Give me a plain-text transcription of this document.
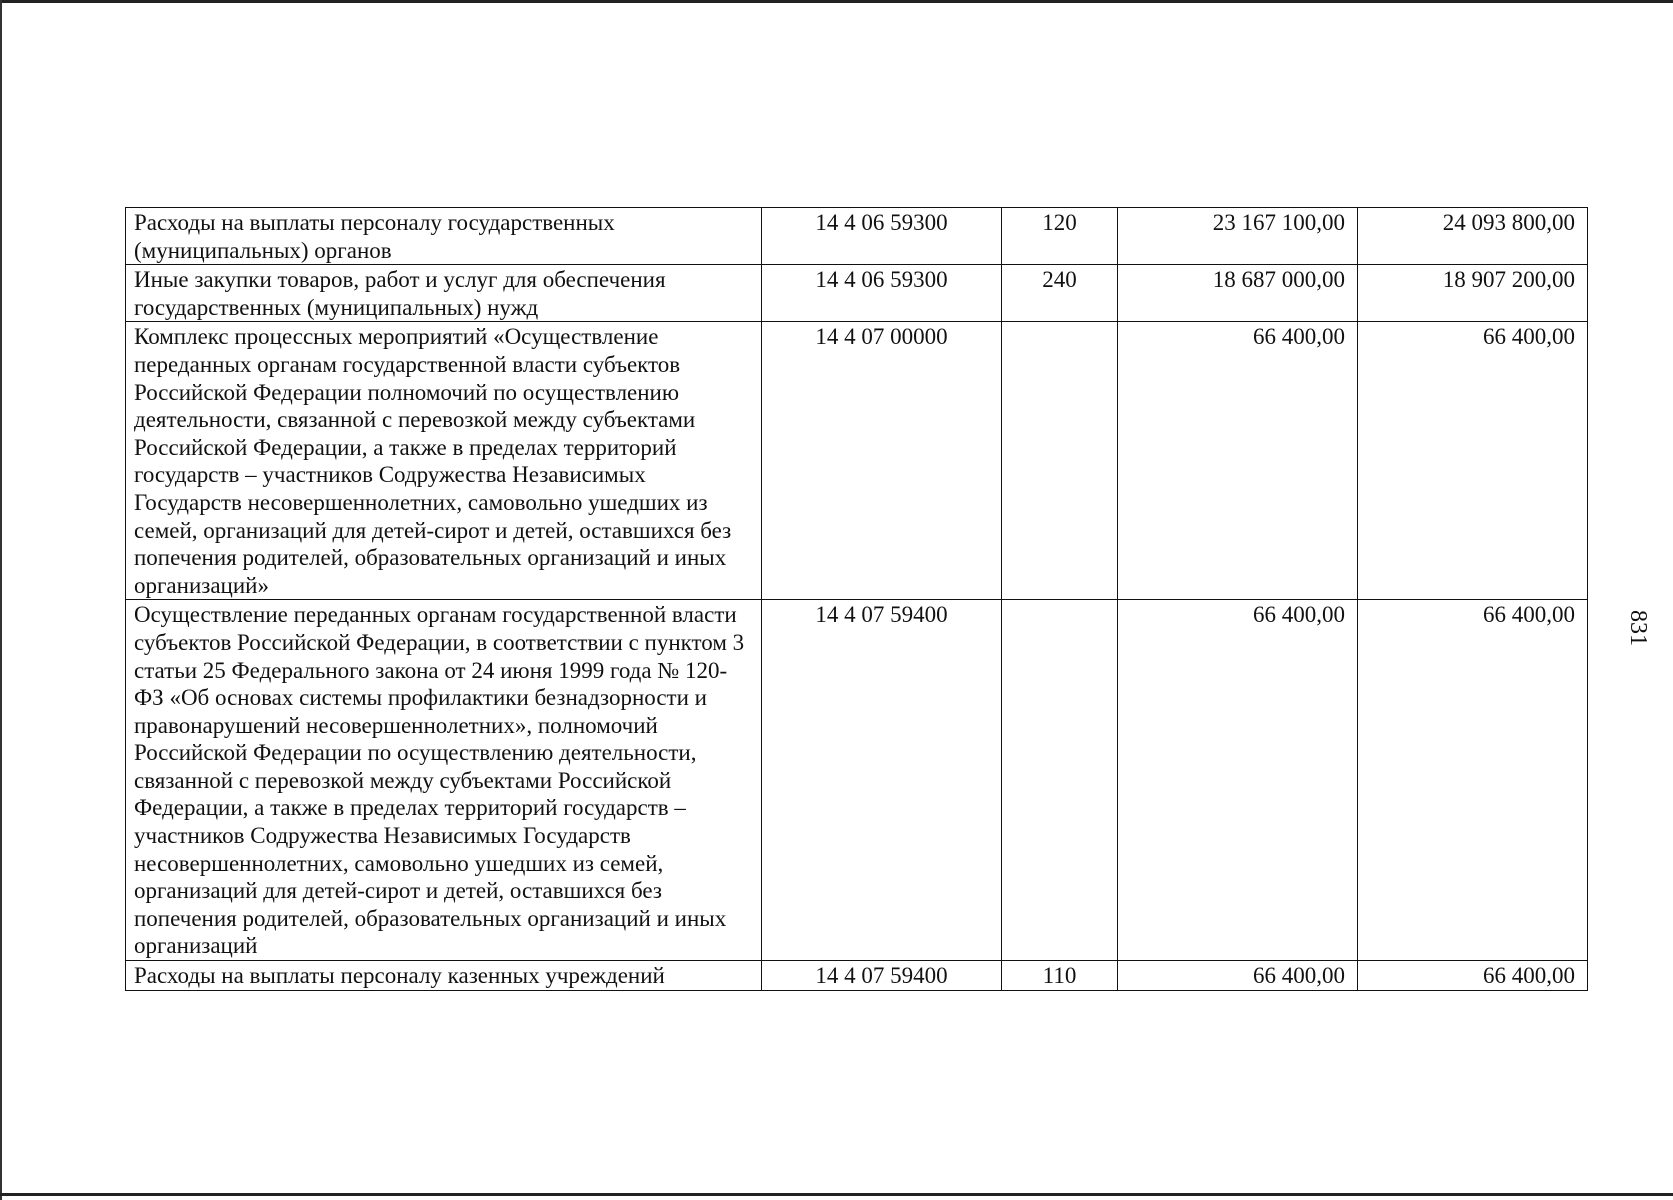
Расходы на выплаты персоналу государственных (муниципальных) органов	14 4 06 59300	120	23 167 100,00	24 093 800,00
Иные закупки товаров, работ и услуг для обеспечения государственных (муниципальных) нужд	14 4 06 59300	240	18 687 000,00	18 907 200,00
Комплекс процессных мероприятий «Осуществление переданных органам государственной власти субъектов Российской Федерации полномочий по осуществлению деятельности, связанной с перевозкой между субъектами Российской Федерации, а также в пределах территорий государств – участников Содружества Независимых Государств несовершеннолетних, самовольно ушедших из семей, организаций для детей-сирот и детей, оставшихся без попечения родителей, образовательных организаций и иных организаций»	14 4 07 00000		66 400,00	66 400,00
Осуществление переданных органам государственной власти субъектов Российской Федерации, в соответствии с пунктом 3 статьи 25 Федерального закона от 24 июня 1999 года № 120-ФЗ «Об основах системы профилактики безнадзорности и правонарушений несовершеннолетних», полномочий Российской Федерации по осуществлению деятельности, связанной с перевозкой между субъектами Российской Федерации, а также в пределах территорий государств – участников Содружества Независимых Государств несовершеннолетних, самовольно ушедших из семей, организаций для детей-сирот и детей, оставшихся без попечения родителей, образовательных организаций и иных организаций	14 4 07 59400		66 400,00	66 400,00
Расходы на выплаты персоналу казенных учреждений	14 4 07 59400	110	66 400,00	66 400,00
831
